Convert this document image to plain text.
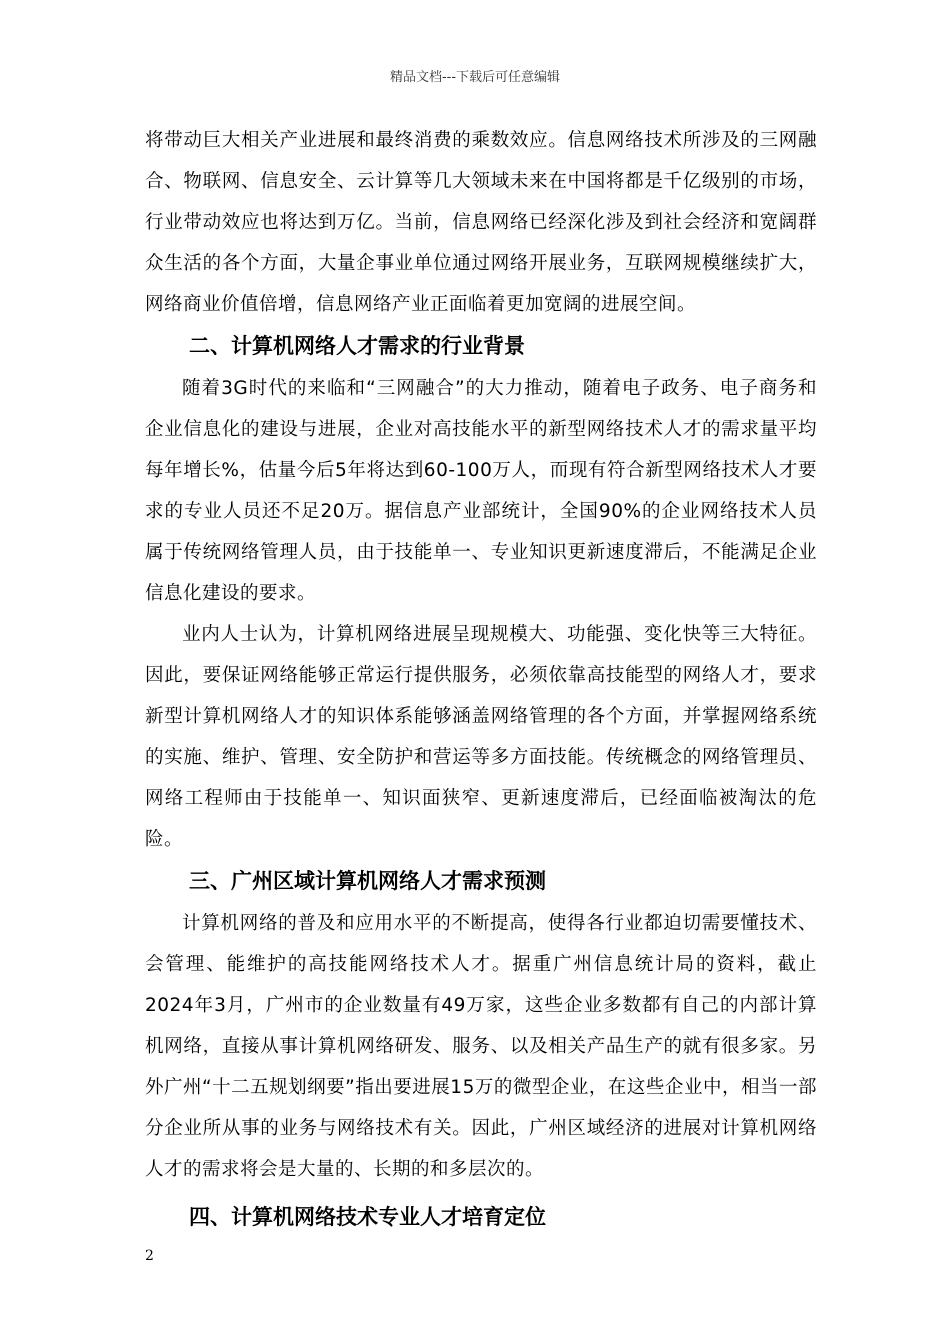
精品文档---下载后可任意编辑

将带动巨大相关产业进展和最终消费的乘数效应。信息网络技术所涉及的三网融合、物联网、信息安全、云计算等几大领域未来在中国将都是千亿级别的市场，行业带动效应也将达到万亿。当前，信息网络已经深化涉及到社会经济和宽阔群众生活的各个方面，大量企事业单位通过网络开展业务，互联网规模继续扩大，网络商业价值倍增，信息网络产业正面临着更加宽阔的进展空间。

二、计算机网络人才需求的行业背景

随着3G时代的来临和“三网融合”的大力推动，随着电子政务、电子商务和企业信息化的建设与进展，企业对高技能水平的新型网络技术人才的需求量平均每年增长%，估量今后5年将达到60-100万人，而现有符合新型网络技术人才要求的专业人员还不足20万。据信息产业部统计，全国90%的企业网络技术人员属于传统网络管理人员，由于技能单一、专业知识更新速度滞后，不能满足企业信息化建设的要求。

业内人士认为，计算机网络进展呈现规模大、功能强、变化快等三大特征。因此，要保证网络能够正常运行提供服务，必须依靠高技能型的网络人才，要求新型计算机网络人才的知识体系能够涵盖网络管理的各个方面，并掌握网络系统的实施、维护、管理、安全防护和营运等多方面技能。传统概念的网络管理员、网络工程师由于技能单一、知识面狭窄、更新速度滞后，已经面临被淘汰的危险。

三、广州区域计算机网络人才需求预测

计算机网络的普及和应用水平的不断提高，使得各行业都迫切需要懂技术、会管理、能维护的高技能网络技术人才。据重广州信息统计局的资料，截止2024年3月，广州市的企业数量有49万家，这些企业多数都有自己的内部计算机网络，直接从事计算机网络研发、服务、以及相关产品生产的就有很多家。另外广州“十二五规划纲要”指出要进展15万的微型企业，在这些企业中，相当一部分企业所从事的业务与网络技术有关。因此，广州区域经济的进展对计算机网络人才的需求将会是大量的、长期的和多层次的。

四、计算机网络技术专业人才培育定位
2
